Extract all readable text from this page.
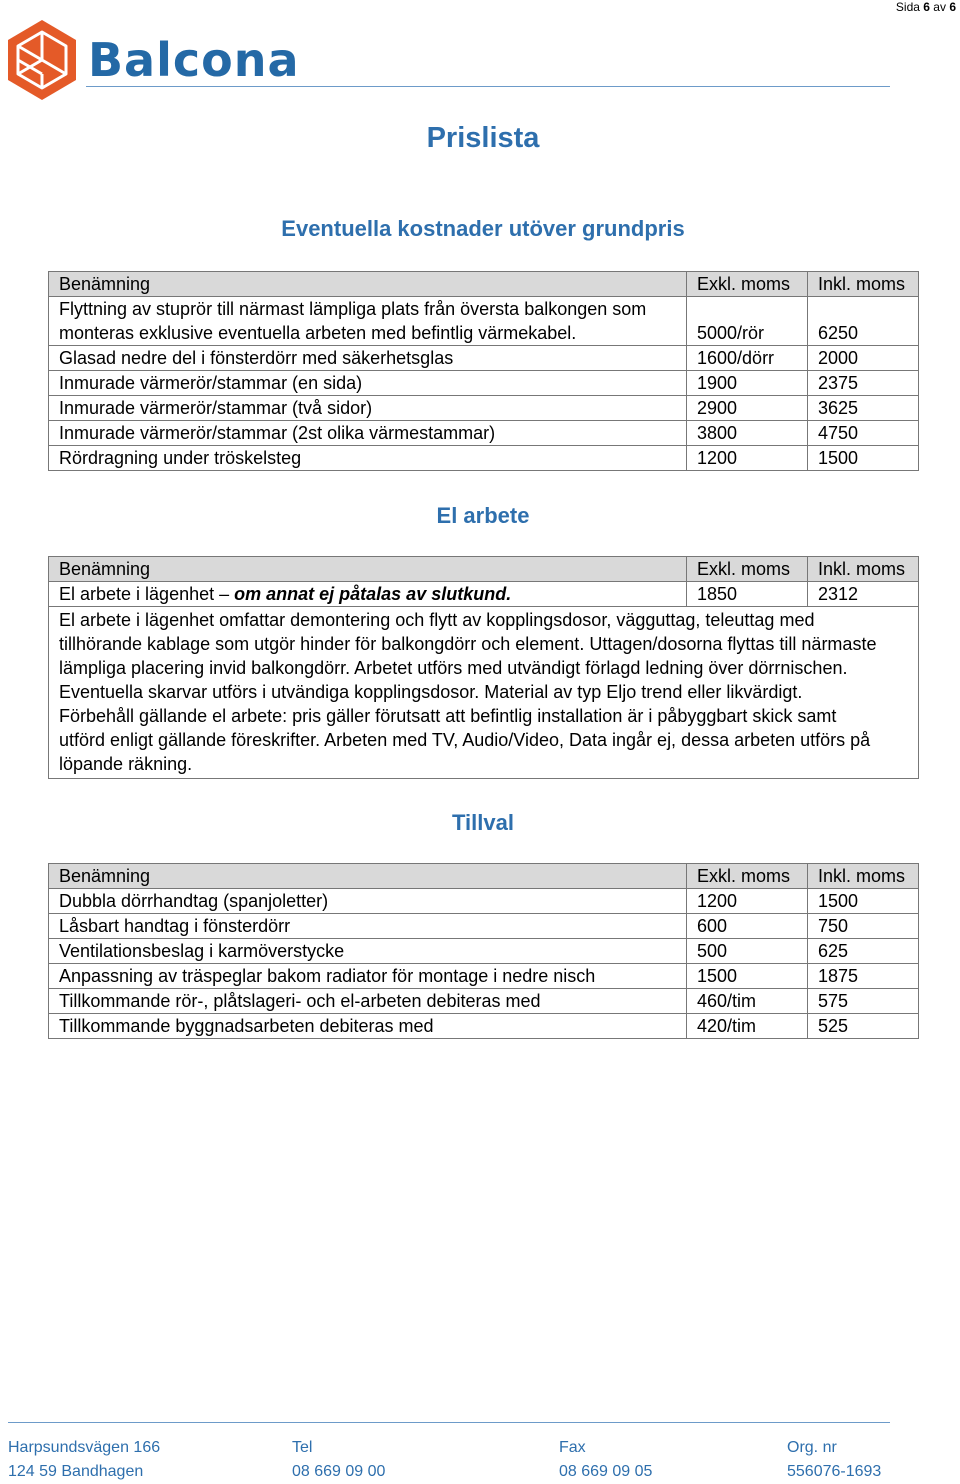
Sida 6 av 6
Balcona
Prislista
Eventuella kostnader utöver grundpris
Benämning	Exkl. moms	Inkl. moms
Flyttning av stuprör till närmast lämpliga plats från översta balkongen som monteras exklusive eventuella arbeten med befintlig värmekabel.	5000/rör	6250
Glasad nedre del i fönsterdörr med säkerhetsglas	1600/dörr	2000
Inmurade värmerör/stammar (en sida)	1900	2375
Inmurade värmerör/stammar (två sidor)	2900	3625
Inmurade värmerör/stammar (2st olika värmestammar)	3800	4750
Rördragning under tröskelsteg	1200	1500
El arbete
Benämning	Exkl. moms	Inkl. moms
El arbete i lägenhet – om annat ej påtalas av slutkund.	1850	2312
El arbete i lägenhet omfattar demontering och flytt av kopplingsdosor, vägguttag, teleuttag med tillhörande kablage som utgör hinder för balkongdörr och element. Uttagen/dosorna flyttas till närmaste lämpliga placering invid balkongdörr. Arbetet utförs med utvändigt förlagd ledning över dörrnischen. Eventuella skarvar utförs i utvändiga kopplingsdosor. Material av typ Eljo trend eller likvärdigt. Förbehåll gällande el arbete: pris gäller förutsatt att befintlig installation är i påbyggbart skick samt utförd enligt gällande föreskrifter. Arbeten med TV, Audio/Video, Data ingår ej, dessa arbeten utförs på löpande räkning.		
Tillval
Benämning	Exkl. moms	Inkl. moms
Dubbla dörrhandtag (spanjoletter)	1200	1500
Låsbart handtag i fönsterdörr	600	750
Ventilationsbeslag i karmöverstycke	500	625
Anpassning av träspeglar bakom radiator för montage i nedre nisch	1500	1875
Tillkommande rör-, plåtslageri- och el-arbeten debiteras med	460/tim	575
Tillkommande byggnadsarbeten debiteras med	420/tim	525
Harpsundsvägen 166
124 59 Bandhagen
Tel
08 669 09 00
Fax
08 669 09 05
Org. nr
556076-1693
